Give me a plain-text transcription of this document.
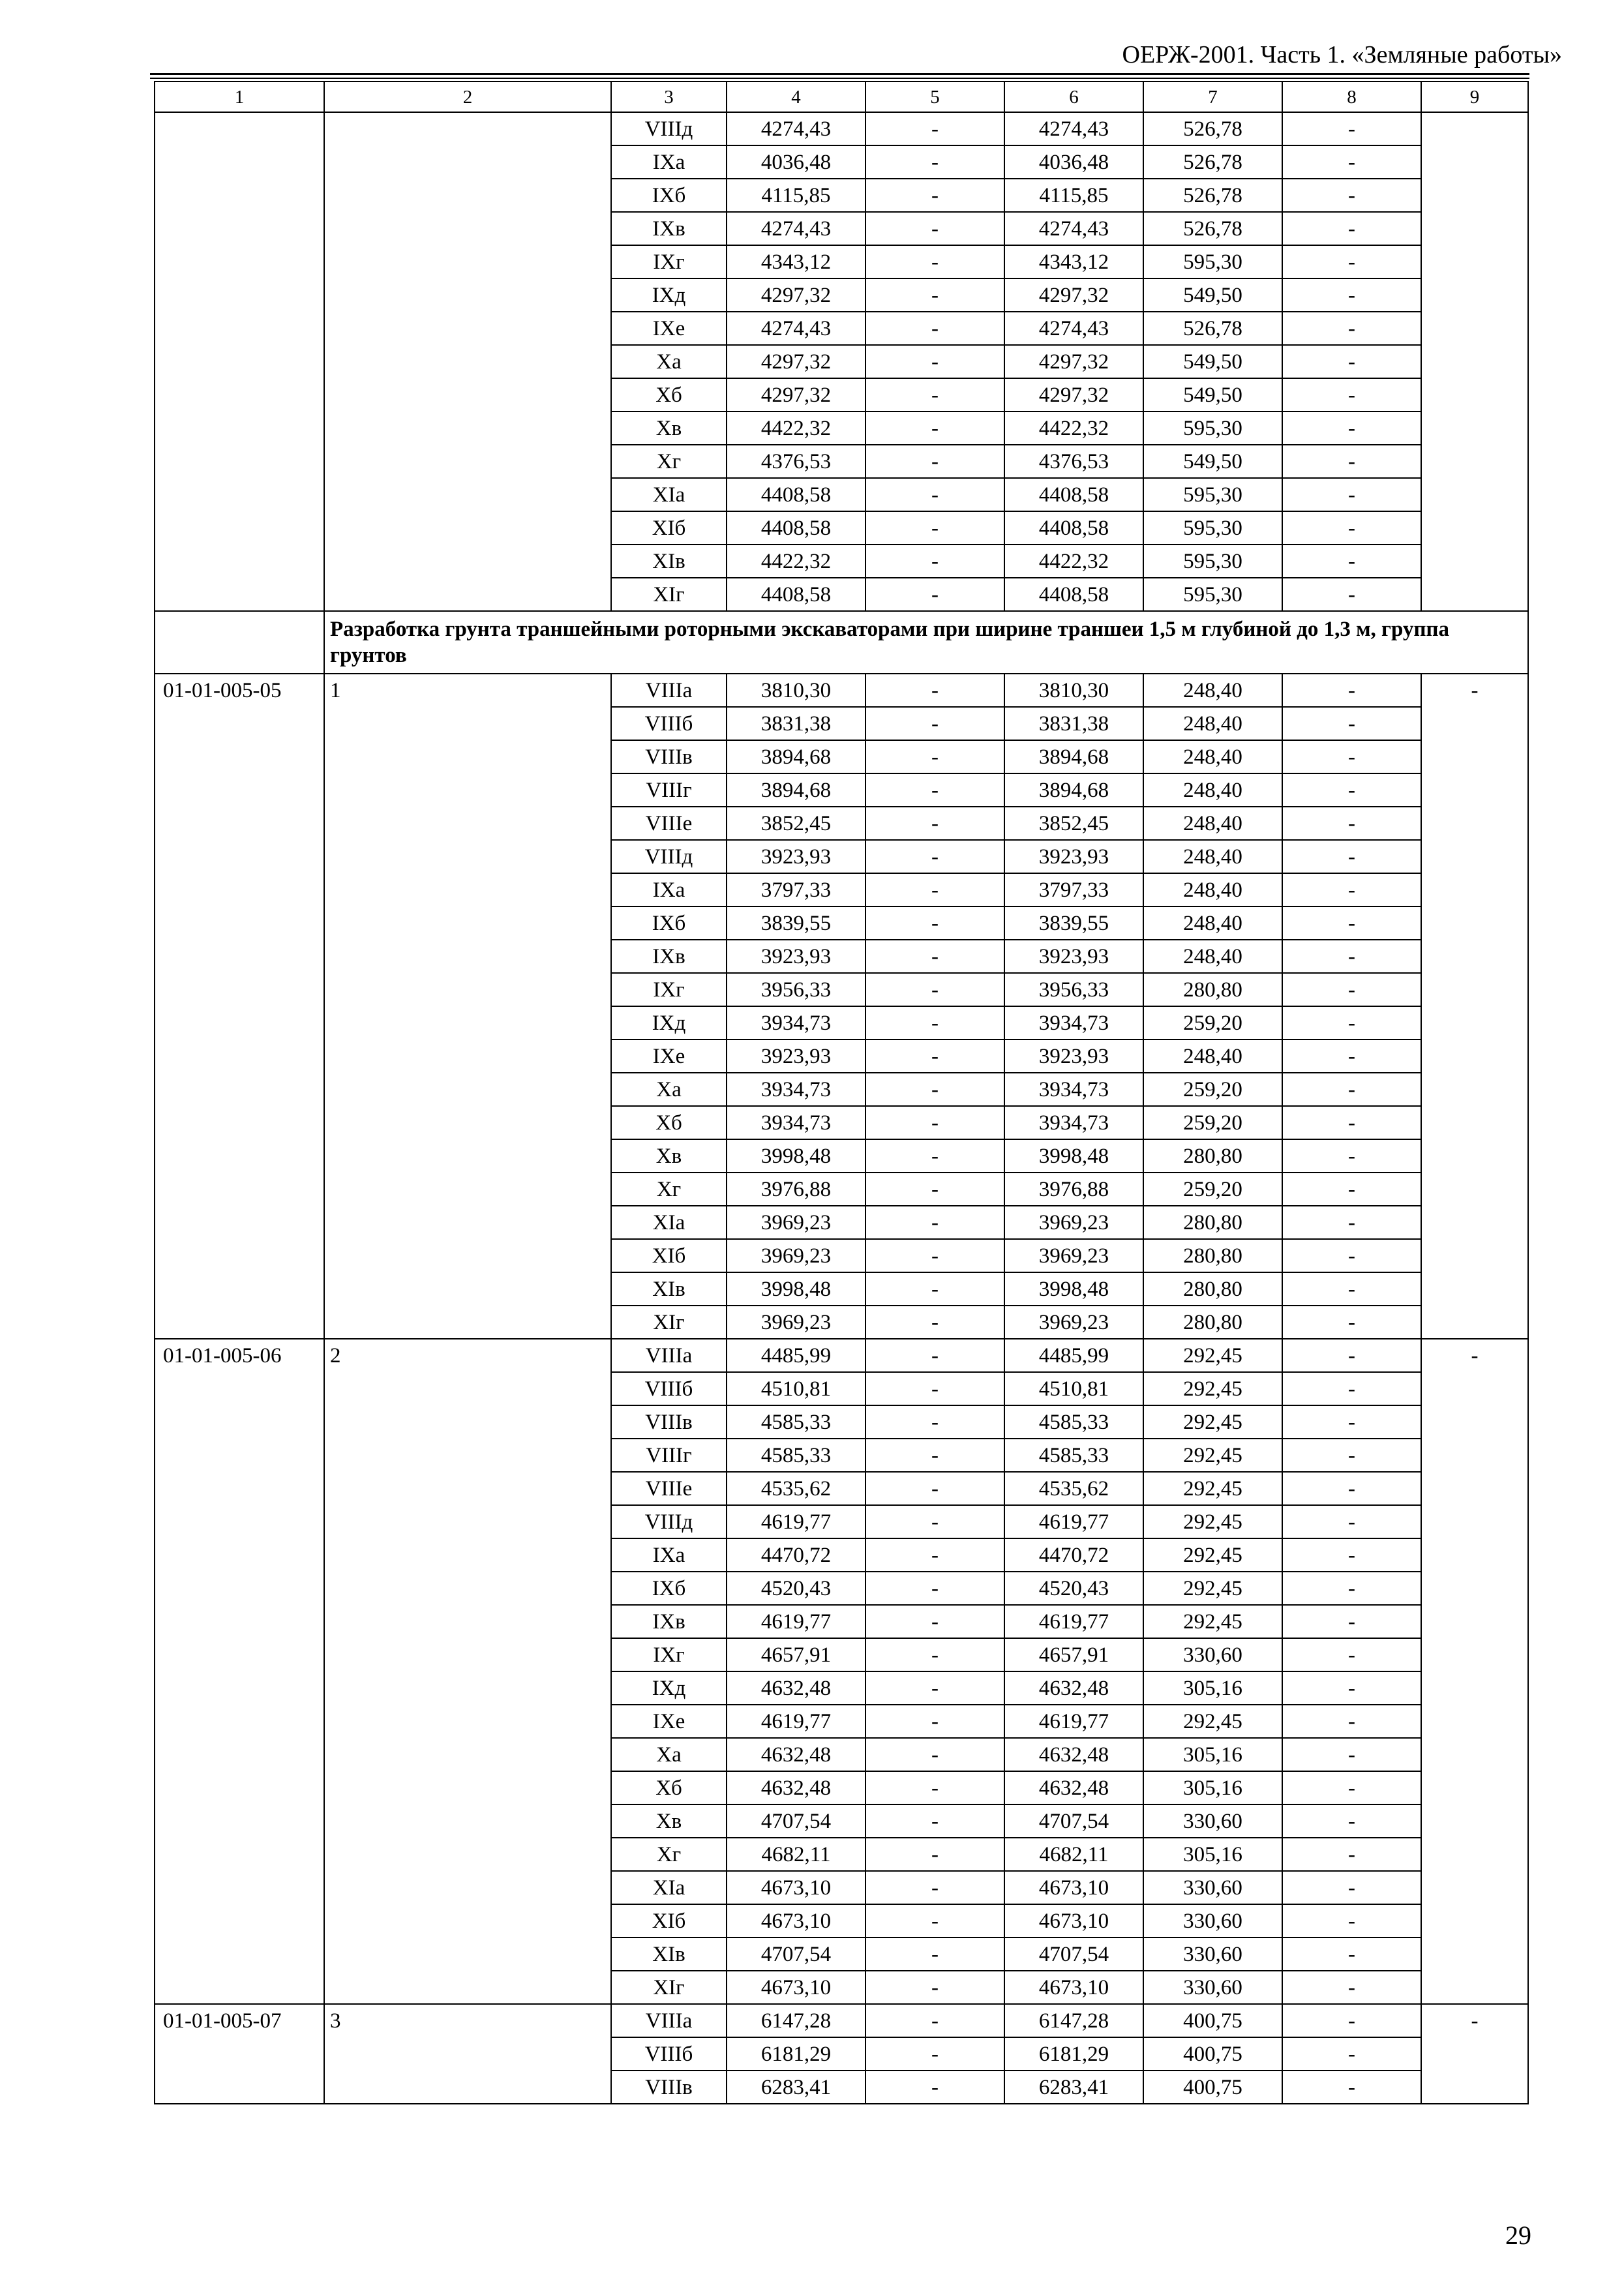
ОЕРЖ-2001. Часть 1. «Земляные работы»
1	2	3	4	5	6	7	8	9
		VIIIд	4274,43	-	4274,43	526,78	-	
		IXа	4036,48	-	4036,48	526,78	-	
		IXб	4115,85	-	4115,85	526,78	-	
		IXв	4274,43	-	4274,43	526,78	-	
		IXг	4343,12	-	4343,12	595,30	-	
		IXд	4297,32	-	4297,32	549,50	-	
		IXе	4274,43	-	4274,43	526,78	-	
		Xа	4297,32	-	4297,32	549,50	-	
		Xб	4297,32	-	4297,32	549,50	-	
		Xв	4422,32	-	4422,32	595,30	-	
		Xг	4376,53	-	4376,53	549,50	-	
		XIа	4408,58	-	4408,58	595,30	-	
		XIб	4408,58	-	4408,58	595,30	-	
		XIв	4422,32	-	4422,32	595,30	-	
		XIг	4408,58	-	4408,58	595,30	-	
	Разработка грунта траншейными роторными экскаваторами при ширине траншеи 1,5 м глубиной до 1,3 м, группа грунтов							
01-01-005-05	1	VIIIа	3810,30	-	3810,30	248,40	-	-
		VIIIб	3831,38	-	3831,38	248,40	-	
		VIIIв	3894,68	-	3894,68	248,40	-	
		VIIIг	3894,68	-	3894,68	248,40	-	
		VIIIе	3852,45	-	3852,45	248,40	-	
		VIIIд	3923,93	-	3923,93	248,40	-	
		IXа	3797,33	-	3797,33	248,40	-	
		IXб	3839,55	-	3839,55	248,40	-	
		IXв	3923,93	-	3923,93	248,40	-	
		IXг	3956,33	-	3956,33	280,80	-	
		IXд	3934,73	-	3934,73	259,20	-	
		IXе	3923,93	-	3923,93	248,40	-	
		Xа	3934,73	-	3934,73	259,20	-	
		Xб	3934,73	-	3934,73	259,20	-	
		Xв	3998,48	-	3998,48	280,80	-	
		Xг	3976,88	-	3976,88	259,20	-	
		XIа	3969,23	-	3969,23	280,80	-	
		XIб	3969,23	-	3969,23	280,80	-	
		XIв	3998,48	-	3998,48	280,80	-	
		XIг	3969,23	-	3969,23	280,80	-	
01-01-005-06	2	VIIIа	4485,99	-	4485,99	292,45	-	-
		VIIIб	4510,81	-	4510,81	292,45	-	
		VIIIв	4585,33	-	4585,33	292,45	-	
		VIIIг	4585,33	-	4585,33	292,45	-	
		VIIIе	4535,62	-	4535,62	292,45	-	
		VIIIд	4619,77	-	4619,77	292,45	-	
		IXа	4470,72	-	4470,72	292,45	-	
		IXб	4520,43	-	4520,43	292,45	-	
		IXв	4619,77	-	4619,77	292,45	-	
		IXг	4657,91	-	4657,91	330,60	-	
		IXд	4632,48	-	4632,48	305,16	-	
		IXе	4619,77	-	4619,77	292,45	-	
		Xа	4632,48	-	4632,48	305,16	-	
		Xб	4632,48	-	4632,48	305,16	-	
		Xв	4707,54	-	4707,54	330,60	-	
		Xг	4682,11	-	4682,11	305,16	-	
		XIа	4673,10	-	4673,10	330,60	-	
		XIб	4673,10	-	4673,10	330,60	-	
		XIв	4707,54	-	4707,54	330,60	-	
		XIг	4673,10	-	4673,10	330,60	-	
01-01-005-07	3	VIIIа	6147,28	-	6147,28	400,75	-	-
		VIIIб	6181,29	-	6181,29	400,75	-	
		VIIIв	6283,41	-	6283,41	400,75	-	
29
